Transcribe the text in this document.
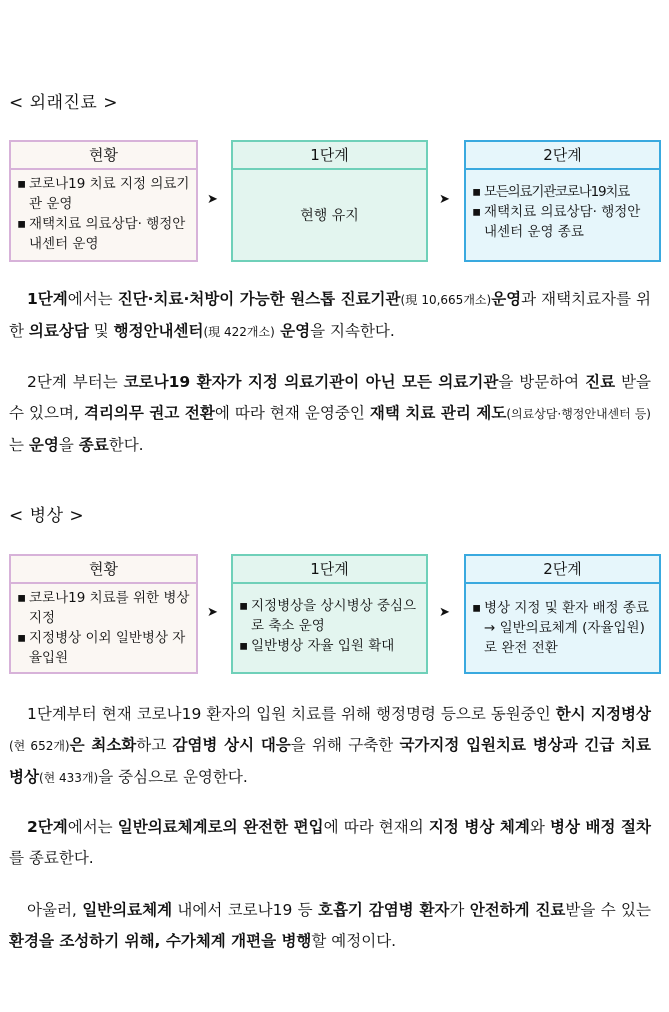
< 외래진료 >
현황
▪ 코로나19 치료 지정 의료기관 운영
▪ 재택치료 의료상담· 행정안내센터 운영
➤
1단계
현행 유지
➤
2단계
▪ 모든의료기관코로나19치료
▪ 재택치료 의료상담· 행정안내센터 운영 종료
1단계에서는 진단·치료·처방이 가능한 원스톱 진료기관(現 10,665개소)운영과 재택치료자를 위한 의료상담 및 행정안내센터(現 422개소) 운영을 지속한다.
2단계 부터는 코로나19 환자가 지정 의료기관이 아닌 모든 의료기관을 방문하여 진료 받을 수 있으며, 격리의무 권고 전환에 따라 현재 운영중인 재택 치료 관리 제도(의료상담·행정안내센터 등)는 운영을 종료한다.
< 병상 >
현황
▪ 코로나19 치료를 위한 병상 지정
▪ 지정병상 이외 일반병상 자율입원
➤
1단계
▪ 지정병상을 상시병상 중심으로 축소 운영
▪ 일반병상 자율 입원 확대
➤
2단계
▪ 병상 지정 및 환자 배정 종료 → 일반의료체계 (자율입원)로 완전 전환
1단계부터 현재 코로나19 환자의 입원 치료를 위해 행정명령 등으로 동원중인 한시 지정병상(현 652개)은 최소화하고 감염병 상시 대응을 위해 구축한 국가지정 입원치료 병상과 긴급 치료 병상(현 433개)을 중심으로 운영한다.
2단계에서는 일반의료체계로의 완전한 편입에 따라 현재의 지정 병상 체계와 병상 배정 절차를 종료한다.
아울러, 일반의료체계 내에서 코로나19 등 호흡기 감염병 환자가 안전하게 진료받을 수 있는 환경을 조성하기 위해, 수가체계 개편을 병행할 예정이다.
